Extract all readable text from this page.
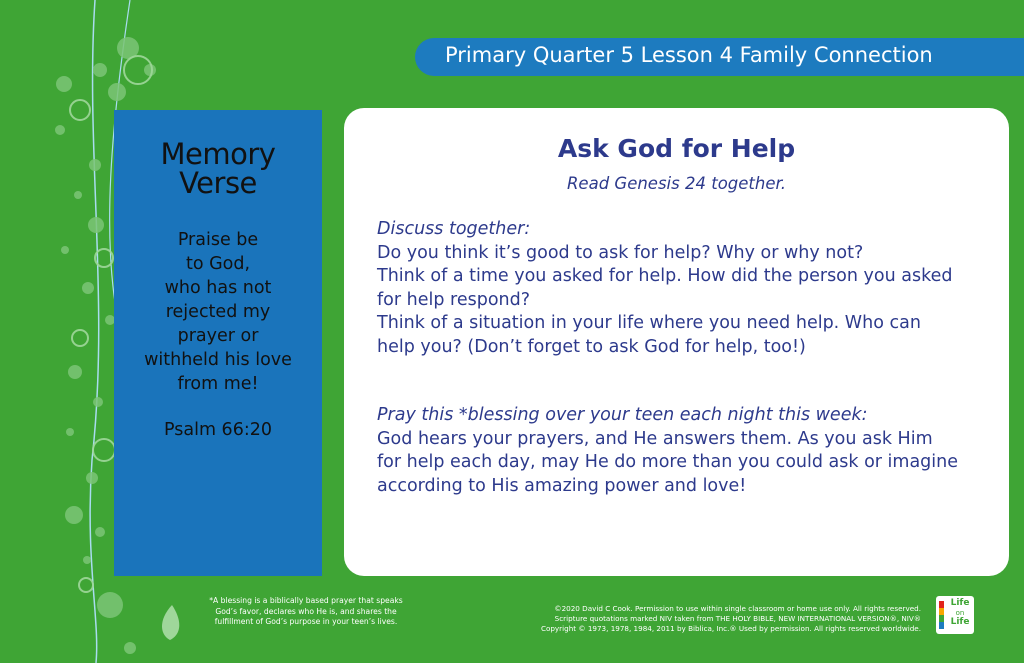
Primary Quarter 5 Lesson 4 Family Connection
Memory
Verse
Praise be
to God,
who has not
rejected my
prayer or
withheld his love
from me!
Psalm 66:20
Ask God for Help
Read Genesis 24 together.
Discuss together:
Do you think it’s good to ask for help? Why or why not?
Think of a time you asked for help. How did the person you asked
for help respond?
Think of a situation in your life where you need help. Who can
help you? (Don’t forget to ask God for help, too!)
Pray this *blessing over your teen each night this week:
God hears your prayers, and He answers them. As you ask Him
for help each day, may He do more than you could ask or imagine
according to His amazing power and love!
*A blessing is a biblically based prayer that speaks
God’s favor, declares who He is, and shares the
fulfillment of God’s purpose in your teen’s lives.
©2020 David C Cook. Permission to use within single classroom or home use only. All rights reserved.
Scripture quotations marked NIV taken from THE HOLY BIBLE, NEW INTERNATIONAL VERSION®, NIV®
Copyright © 1973, 1978, 1984, 2011 by Biblica, Inc.® Used by permission. All rights reserved worldwide.
Life
on
Life
